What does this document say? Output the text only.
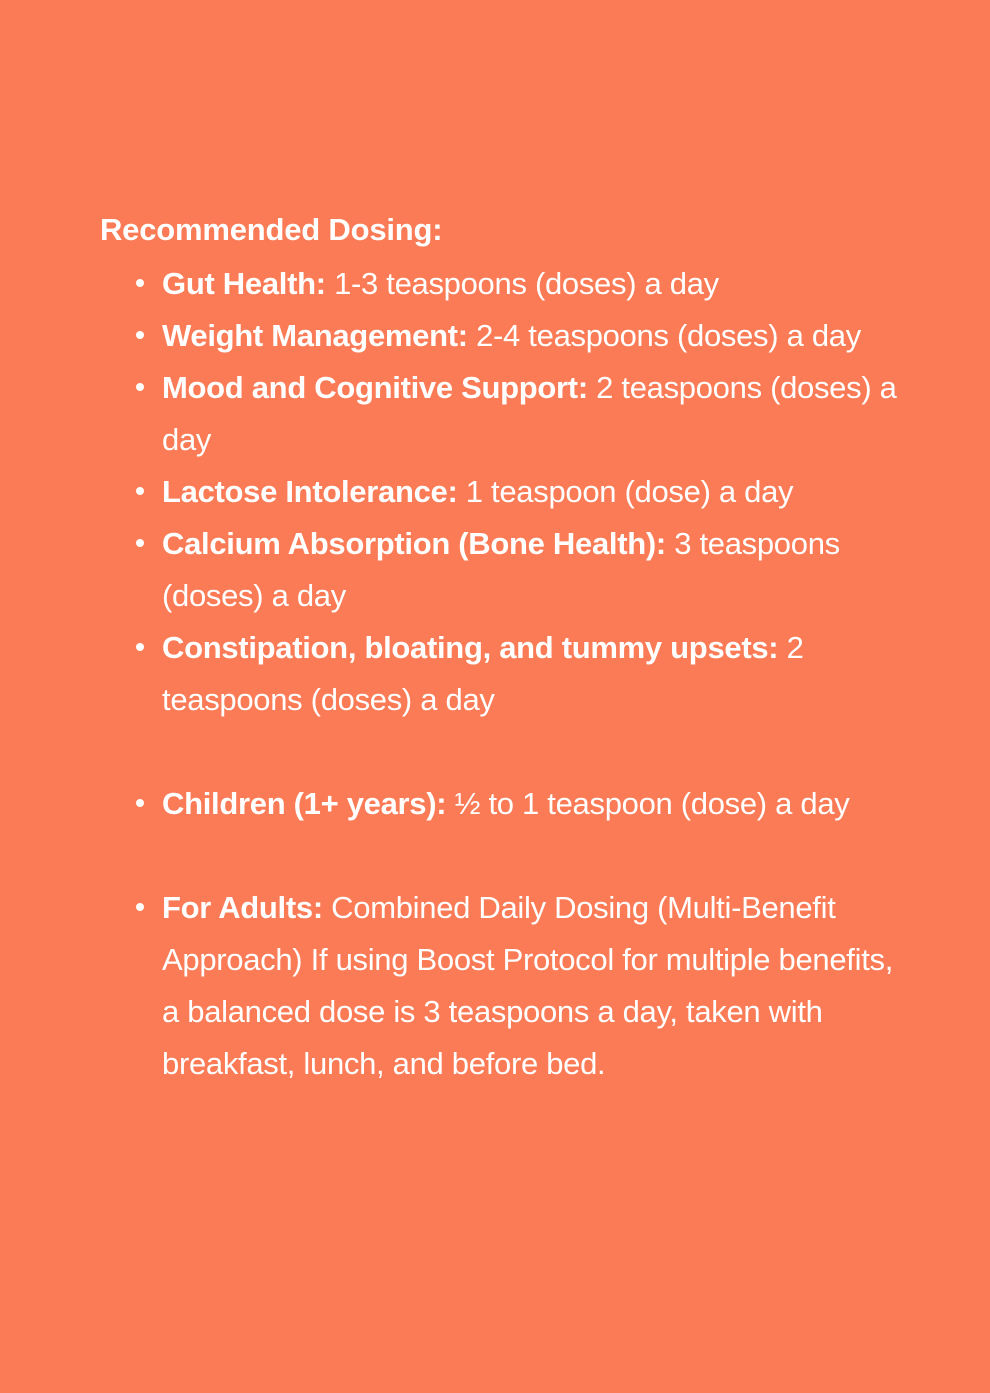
Recommended Dosing:
Gut Health: 1-3 teaspoons (doses) a day
Weight Management: 2-4 teaspoons (doses) a day
Mood and Cognitive Support: 2 teaspoons (doses) a day
Lactose Intolerance: 1 teaspoon (dose) a day
Calcium Absorption (Bone Health): 3 teaspoons (doses) a day
Constipation, bloating, and tummy upsets: 2 teaspoons (doses) a day
Children (1+ years): ½ to 1 teaspoon (dose) a day
For Adults: Combined Daily Dosing (Multi-Benefit Approach) If using Boost Protocol for multiple benefits, a balanced dose is 3 teaspoons a day, taken with breakfast, lunch, and before bed.
